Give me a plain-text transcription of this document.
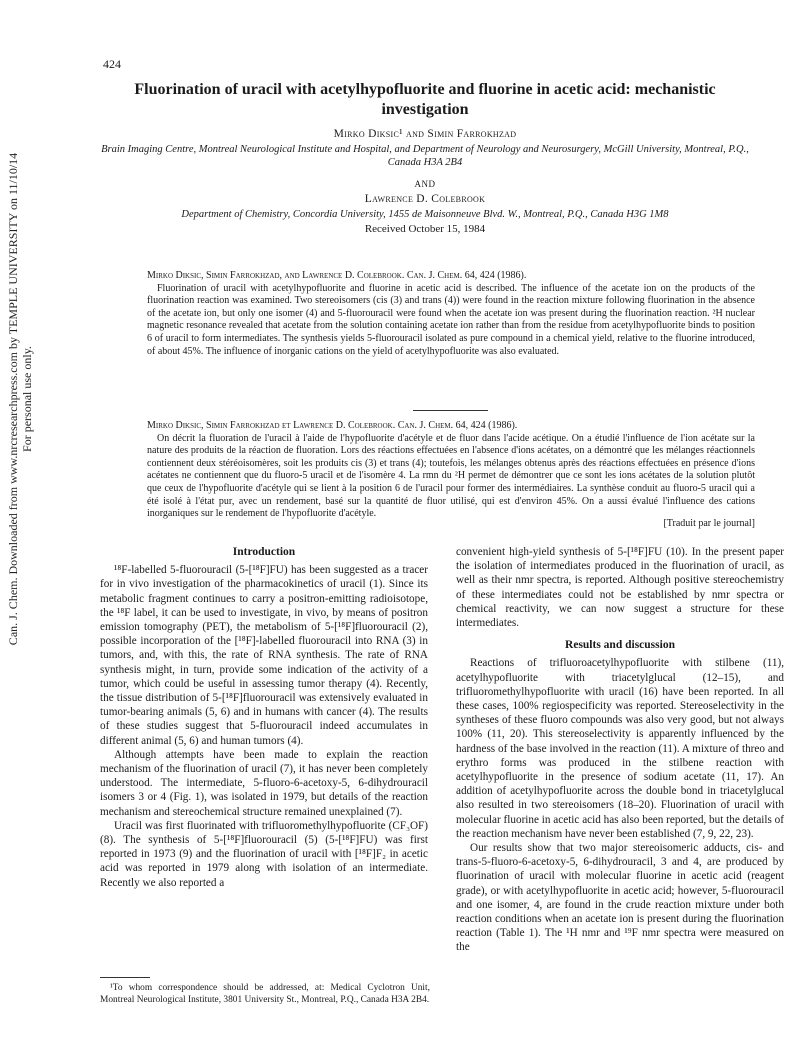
424
Can. J. Chem. Downloaded from www.nrcresearchpress.com by TEMPLE UNIVERSITY on 11/10/14 For personal use only.
Fluorination of uracil with acetylhypofluorite and fluorine in acetic acid: mechanistic investigation
Mirko Diksic¹ and Simin Farrokhzad
Brain Imaging Centre, Montreal Neurological Institute and Hospital, and Department of Neurology and Neurosurgery, McGill University, Montreal, P.Q., Canada H3A 2B4
AND
Lawrence D. Colebrook
Department of Chemistry, Concordia University, 1455 de Maisonneuve Blvd. W., Montreal, P.Q., Canada H3G 1M8
Received October 15, 1984
Mirko Diksic, Simin Farrokhzad, and Lawrence D. Colebrook. Can. J. Chem. 64, 424 (1986).
Fluorination of uracil with acetylhypofluorite and fluorine in acetic acid is described. The influence of the acetate ion on the products of the fluorination reaction was examined. Two stereoisomers (cis (3) and trans (4)) were found in the reaction mixture following fluorination in the absence of the acetate ion, but only one isomer (4) and 5-fluorouracil were found when the acetate ion was present during the fluorination reaction. ²H nuclear magnetic resonance revealed that acetate from the solution containing acetate ion rather than from the residue from acetylhypofluorite binds to position 6 of uracil to form intermediates. The synthesis yields 5-fluorouracil isolated as pure compound in a chemical yield, relative to the fluorine introduced, of about 45%. The influence of inorganic cations on the yield of acetylhypofluorite was also evaluated.
Mirko Diksic, Simin Farrokhzad et Lawrence D. Colebrook. Can. J. Chem. 64, 424 (1986).
On décrit la fluoration de l'uracil à l'aide de l'hypofluorite d'acétyle et de fluor dans l'acide acétique. On a étudié l'influence de l'ion acétate sur la nature des produits de la réaction de fluoration. Lors des réactions effectuées en l'absence d'ions acétates, on a démontré que les mélanges réactionnels contiennent deux stéréoisomères, soit les produits cis (3) et trans (4); toutefois, les mélanges obtenus après des réactions effectuées en présence d'ions acétates ne contiennent que du fluoro-5 uracil et de l'isomère 4. La rmn du ²H permet de démontrer que ce sont les ions acétates de la solution plutôt que ceux de l'hypofluorite d'acétyle qui se lient à la position 6 de l'uracil pour former des intermédiaires. La synthèse conduit au fluoro-5 uracil qui a été isolé à l'état pur, avec un rendement, basé sur la quantité de fluor utilisé, qui est d'environ 45%. On a aussi évalué l'influence des cations inorganiques sur le rendement de l'hypofluorite d'acétyle.
[Traduit par le journal]
Introduction

¹⁸F-labelled 5-fluorouracil (5-[¹⁸F]FU) has been suggested as a tracer for in vivo investigation of the pharmacokinetics of uracil (1). Since its metabolic fragment continues to carry a positron-emitting radioisotope, the ¹⁸F label, it can be used to investigate, in vivo, by means of positron emission tomography (PET), the metabolism of 5-[¹⁸F]fluorouracil (2), possible incorporation of the [¹⁸F]-labelled fluorouracil into RNA (3) in tumors, and, with this, the rate of RNA synthesis. The rate of RNA synthesis might, in turn, provide some indication of the activity of a tumor, which could be useful in assessing tumor therapy (4). Recently, the tissue distribution of 5-[¹⁸F]fluorouracil was extensively evaluated in tumor-bearing animals (5, 6) and in humans with cancer (4). The results of these studies suggest that 5-fluorouracil indeed accumulates in different animal (5, 6) and human tumors (4).

Although attempts have been made to explain the reaction mechanism of the fluorination of uracil (7), it has never been completely understood. The intermediate, 5-fluoro-6-acetoxy-5, 6-dihydrouracil isomers 3 or 4 (Fig. 1), was isolated in 1979, but details of the reaction mechanism and stereochemical structure remained unexplained (7).

Uracil was first fluorinated with trifluoromethylhypofluorite (CF₃OF) (8). The synthesis of 5-[¹⁸F]fluorouracil (5) (5-[¹⁸F]FU) was first reported in 1973 (9) and the fluorination of uracil with [¹⁸F]F₂ in acetic acid was reported in 1979 along with isolation of an intermediate. Recently we also reported a

convenient high-yield synthesis of 5-[¹⁸F]FU (10). In the present paper the isolation of intermediates produced in the fluorination of uracil, as well as their nmr spectra, is reported. Although positive stereochemistry of these intermediates could not be established by nmr spectra or chemical reactivity, we can now suggest a structure for these intermediates.

Results and discussion

Reactions of trifluoroacetylhypofluorite with stilbene (11), acetylhypofluorite with triacetylglucal (12–15), and trifluoromethylhypofluorite with uracil (16) have been reported. In all these cases, 100% regiospecificity was reported. Stereoselectivity in the syntheses of these fluoro compounds was also very good, but not always 100% (11, 20). This stereoselectivity is apparently influenced by the hardness of the base involved in the reaction (11). A mixture of threo and erythro forms was produced in the stilbene reaction with acetylhypofluorite in the presence of sodium acetate (11, 17). An addition of acetylhypofluorite across the double bond in triacetylglucal also resulted in two stereoisomers (18–20). Fluorination of uracil with molecular fluorine in acetic acid has also been reported, but the details of the reaction mechanism have never been established (7, 9, 22, 23).

Our results show that two major stereoisomeric adducts, cis- and trans-5-fluoro-6-acetoxy-5, 6-dihydrouracil, 3 and 4, are produced by fluorination of uracil with molecular fluorine in acetic acid (reagent grade), or with acetylhypofluorite in acetic acid; however, 5-fluorouracil and one isomer, 4, are found in the crude reaction mixture under both reaction conditions when an acetate ion is present during the fluorination reaction (Table 1). The ¹H nmr and ¹⁹F nmr spectra were measured on the

¹To whom correspondence should be addressed, at: Medical Cyclotron Unit, Montreal Neurological Institute, 3801 University St., Montreal, P.Q., Canada H3A 2B4.
